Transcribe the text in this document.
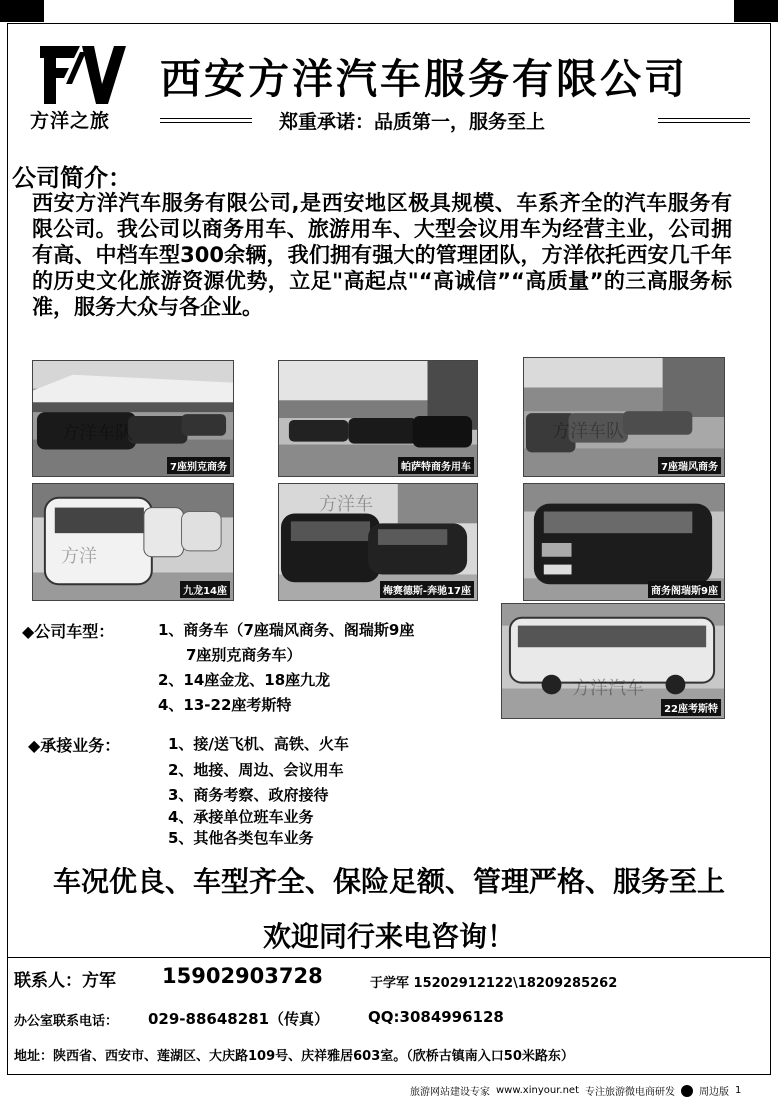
方洋之旅
西安方洋汽车服务有限公司
郑重承诺：品质第一，服务至上
公司简介：
西安方洋汽车服务有限公司,是西安地区极具规模、车系齐全的汽车服务有限公司。我公司以商务用车、旅游用车、大型会议用车为经营主业，公司拥有高、中档车型300余辆，我们拥有强大的管理团队，方洋依托西安几千年的历史文化旅游资源优势，立足"高起点"“高诚信”“高质量”的三高服务标准，服务大众与各企业。
方洋车队
7座别克商务	帕萨特商务用车
方洋车队
7座瑞风商务
方洋
九龙14座
方洋车
梅赛德斯-奔驰17座	商务阁瑞斯9座
方洋汽车
22座考斯特
◆公司车型：	1、商务车（7座瑞风商务、阁瑞斯9座
7座别克商务车）
2、14座金龙、18座九龙
4、13-22座考斯特
◆承接业务：	1、接/送飞机、高铁、火车
2、地接、周边、会议用车
3、商务考察、政府接待
4、承接单位班车业务
5、其他各类包车业务
车况优良、车型齐全、保险足额、管理严格、服务至上
欢迎同行来电咨询！
联系人：方军 15902903728	于学军 15202912122\18209285262
办公室联系电话： 029-88648281（传真）	QQ:3084996128
地址：陕西省、西安市、莲湖区、大庆路109号、庆祥雅居603室。（欣桥古镇南入口50米路东）
旅游网站建设专家 www.xinyour.net 专注旅游微电商研发 周边版 1
